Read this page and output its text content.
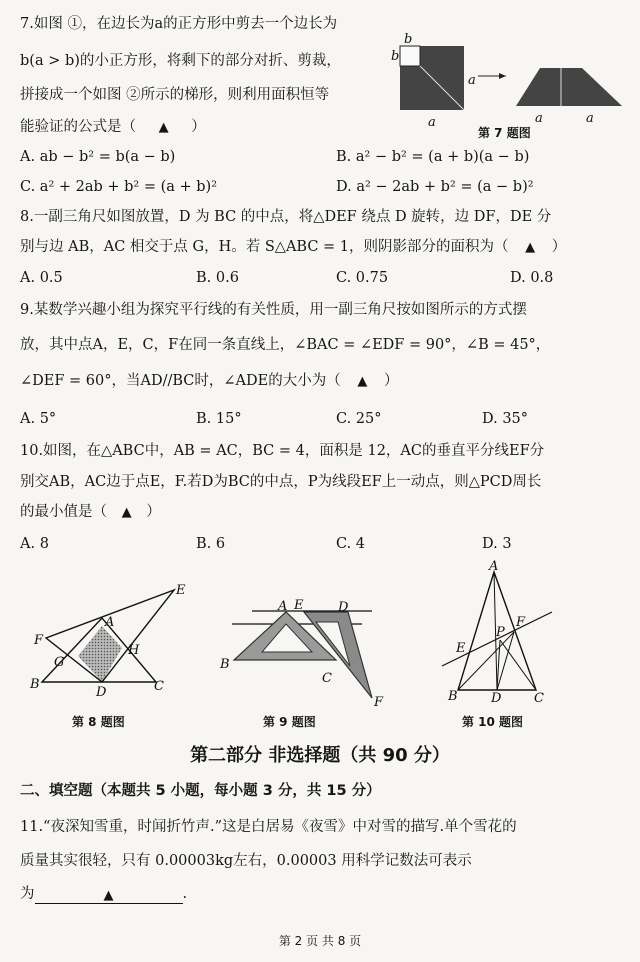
7.如图 ①，在边长为a的正方形中剪去一个边长为
b(a > b)的小正方形，将剩下的部分对折、剪裁，
拼接成一个如图 ②所示的梯形，则利用面积恒等
能验证的公式是（ ▲ ）
b
b
a
a	a	a
第 7 题图
A. ab − b² = b(a − b)	B. a² − b² = (a + b)(a − b)
C. a² + 2ab + b² = (a + b)²	D. a² − 2ab + b² = (a − b)²
8.一副三角尺如图放置，D 为 BC 的中点，将△DEF 绕点 D 旋转，边 DF，DE 分
别与边 AB，AC 相交于点 G，H。若 S△ABC = 1，则阴影部分的面积为（ ▲ ）
A. 0.5	B. 0.6	C. 0.75	D. 0.8
9.某数学兴趣小组为探究平行线的有关性质，用一副三角尺按如图所示的方式摆
放，其中点A，E，C，F在同一条直线上，∠BAC = ∠EDF = 90°，∠B = 45°，
∠DEF = 60°，当AD//BC时，∠ADE的大小为（ ▲ ）
A. 5°	B. 15°	C. 25°	D. 35°
10.如图，在△ABC中，AB = AC，BC = 4，面积是 12，AC的垂直平分线EF分
别交AB，AC边于点E，F.若D为BC的中点，P为线段EF上一动点，则△PCD周长
的最小值是（ ▲ ）
A. 8	B. 6	C. 4	D. 3
E
F
A
G
H
B
D	C
第 8 题图
A E	D
B
C
F
第 9 题图
A
E
P
F
B	D	C
第 10 题图
第二部分 非选择题（共 90 分）
二、填空题（本题共 5 小题，每小题 3 分，共 15 分）
11.“夜深知雪重，时闻折竹声.”这是白居易《夜雪》中对雪的描写.单个雪花的
质量其实很轻，只有 0.00003kg左右，0.00003 用科学记数法可表示
为	▲	.
第 2 页 共 8 页
